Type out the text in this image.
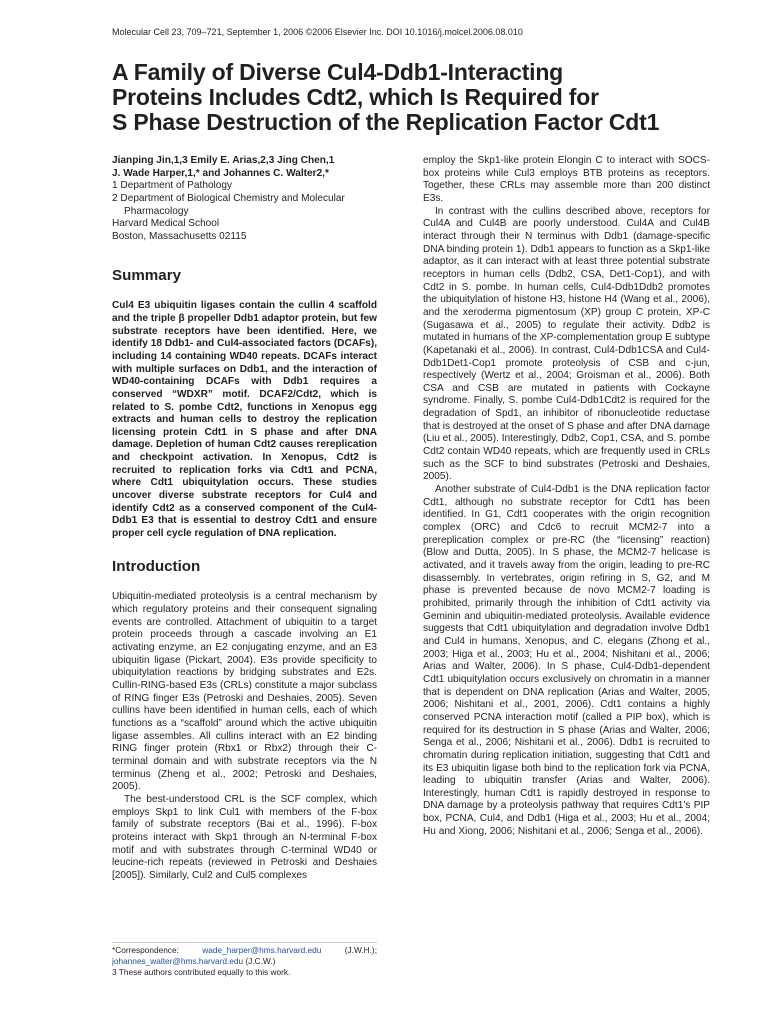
Molecular Cell 23, 709–721, September 1, 2006 ©2006 Elsevier Inc. DOI 10.1016/j.molcel.2006.08.010
A Family of Diverse Cul4-Ddb1-Interacting
Proteins Includes Cdt2, which Is Required for
S Phase Destruction of the Replication Factor Cdt1
Jianping Jin,1,3 Emily E. Arias,2,3 Jing Chen,1
J. Wade Harper,1,* and Johannes C. Walter2,*
1 Department of Pathology
2 Department of Biological Chemistry and Molecular
Pharmacology
Harvard Medical School
Boston, Massachusetts 02115
Summary

Cul4 E3 ubiquitin ligases contain the cullin 4 scaffold and the triple β propeller Ddb1 adaptor protein, but few substrate receptors have been identified. Here, we identify 18 Ddb1- and Cul4-associated factors (DCAFs), including 14 containing WD40 repeats. DCAFs interact with multiple surfaces on Ddb1, and the interaction of WD40-containing DCAFs with Ddb1 requires a conserved “WDXR” motif. DCAF2/Cdt2, which is related to S. pombe Cdt2, functions in Xenopus egg extracts and human cells to destroy the replication licensing protein Cdt1 in S phase and after DNA damage. Depletion of human Cdt2 causes rereplication and checkpoint activation. In Xenopus, Cdt2 is recruited to replication forks via Cdt1 and PCNA, where Cdt1 ubiquitylation occurs. These studies uncover diverse substrate receptors for Cul4 and identify Cdt2 as a conserved component of the Cul4-Ddb1 E3 that is essential to destroy Cdt1 and ensure proper cell cycle regulation of DNA replication.

Introduction

Ubiquitin-mediated proteolysis is a central mechanism by which regulatory proteins and their consequent signaling events are controlled. Attachment of ubiquitin to a target protein proceeds through a cascade involving an E1 activating enzyme, an E2 conjugating enzyme, and an E3 ubiquitin ligase (Pickart, 2004). E3s provide specificity to ubiquitylation reactions by bridging substrates and E2s. Cullin-RING-based E3s (CRLs) constitute a major subclass of RING finger E3s (Petroski and Deshaies, 2005). Seven cullins have been identified in human cells, each of which functions as a “scaffold” around which the active ubiquitin ligase assembles. All cullins interact with an E2 binding RING finger protein (Rbx1 or Rbx2) through their C-terminal domain and with substrate receptors via the N terminus (Zheng et al., 2002; Petroski and Deshaies, 2005).

The best-understood CRL is the SCF complex, which employs Skp1 to link Cul1 with members of the F-box family of substrate receptors (Bai et al., 1996). F-box proteins interact with Skp1 through an N-terminal F-box motif and with substrates through C-terminal WD40 or leucine-rich repeats (reviewed in Petroski and Deshaies [2005]). Similarly, Cul2 and Cul5 complexes

employ the Skp1-like protein Elongin C to interact with SOCS-box proteins while Cul3 employs BTB proteins as receptors. Together, these CRLs may assemble more than 200 distinct E3s.

In contrast with the cullins described above, receptors for Cul4A and Cul4B are poorly understood. Cul4A and Cul4B interact through their N terminus with Ddb1 (damage-specific DNA binding protein 1). Ddb1 appears to function as a Skp1-like adaptor, as it can interact with at least three potential substrate receptors in human cells (Ddb2, CSA, Det1-Cop1), and with Cdt2 in S. pombe. In human cells, Cul4-Ddb1Ddb2 promotes the ubiquitylation of histone H3, histone H4 (Wang et al., 2006), and the xeroderma pigmentosum (XP) group C protein, XP-C (Sugasawa et al., 2005) to regulate their activity. Ddb2 is mutated in humans of the XP-complementation group E subtype (Kapetanaki et al., 2006). In contrast, Cul4-Ddb1CSA and Cul4-Ddb1Det1-Cop1 promote proteolysis of CSB and c-jun, respectively (Wertz et al., 2004; Groisman et al., 2006). Both CSA and CSB are mutated in patients with Cockayne syndrome. Finally, S. pombe Cul4-Ddb1Cdt2 is required for the degradation of Spd1, an inhibitor of ribonucleotide reductase that is destroyed at the onset of S phase and after DNA damage (Liu et al., 2005). Interestingly, Ddb2, Cop1, CSA, and S. pombe Cdt2 contain WD40 repeats, which are frequently used in CRLs such as the SCF to bind substrates (Petroski and Deshaies, 2005).

Another substrate of Cul4-Ddb1 is the DNA replication factor Cdt1, although no substrate receptor for Cdt1 has been identified. In G1, Cdt1 cooperates with the origin recognition complex (ORC) and Cdc6 to recruit MCM2-7 into a prereplication complex or pre-RC (the “licensing” reaction) (Blow and Dutta, 2005). In S phase, the MCM2-7 helicase is activated, and it travels away from the origin, leading to pre-RC disassembly. In vertebrates, origin refiring in S, G2, and M phase is prevented because de novo MCM2-7 loading is prohibited, primarily through the inhibition of Cdt1 activity via Geminin and ubiquitin-mediated proteolysis. Available evidence suggests that Cdt1 ubiquitylation and degradation involve Ddb1 and Cul4 in humans, Xenopus, and C. elegans (Zhong et al., 2003; Higa et al., 2003; Hu et al., 2004; Nishitani et al., 2006; Arias and Walter, 2006). In S phase, Cul4-Ddb1-dependent Cdt1 ubiquitylation occurs exclusively on chromatin in a manner that is dependent on DNA replication (Arias and Walter, 2005, 2006; Nishitani et al., 2001, 2006). Cdt1 contains a highly conserved PCNA interaction motif (called a PIP box), which is required for its destruction in S phase (Arias and Walter, 2006; Senga et al., 2006; Nishitani et al., 2006). Ddb1 is recruited to chromatin during replication initiation, suggesting that Cdt1 and its E3 ubiquitin ligase both bind to the replication fork via PCNA, leading to ubiquitin transfer (Arias and Walter, 2006). Interestingly, human Cdt1 is rapidly destroyed in response to DNA damage by a proteolysis pathway that requires Cdt1’s PIP box, PCNA, Cul4, and Ddb1 (Higa et al., 2003; Hu et al., 2004; Hu and Xiong, 2006; Nishitani et al., 2006; Senga et al., 2006).

*Correspondence:	wade_harper@hms.harvard.edu	(J.W.H.);
johannes_walter@hms.harvard.edu (J.C.W.)
3 These authors contributed equally to this work.
